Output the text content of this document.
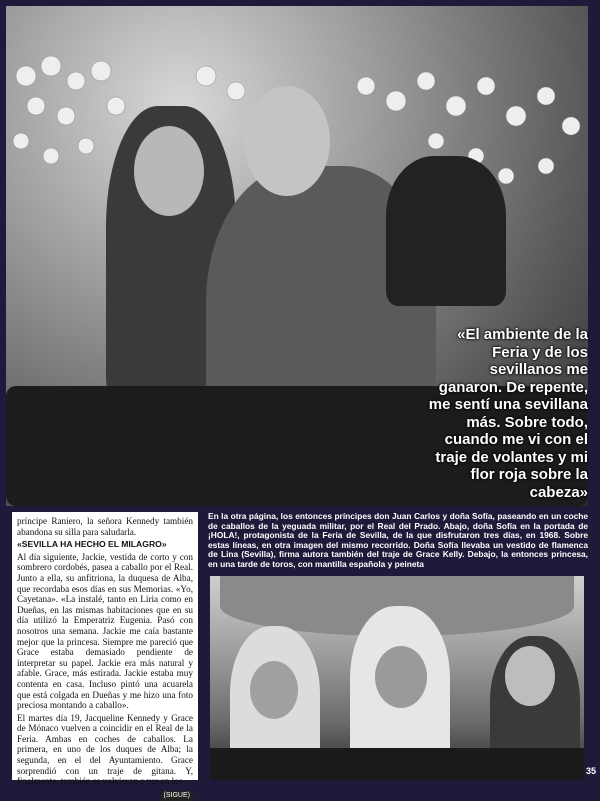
«El ambiente de la Feria y de los sevillanos me ganaron. De repente, me sentí una sevillana más. Sobre todo, cuando me vi con el traje de volantes y mi flor roja sobre la cabeza»

príncipe Raniero, la señora Kennedy también abandona su silla para saludarla.

«SEVILLA HA HECHO EL MILAGRO»

Al día siguiente, Jackie, vestida de corto y con sombrero cordobés, pasea a caballo por el Real. Junto a ella, su anfitriona, la duquesa de Alba, que recordaba esos días en sus Memorias. «Yo, Cayetana». «La instalé, tanto en Liria como en Dueñas, en las mismas habitaciones que en su día utilizó la Emperatriz Eugenia. Pasó con nosotros una semana. Jackie me caía bastante mejor que la princesa. Siempre me pareció que Grace estaba demasiado pendiente de interpretar su papel. Jackie era más natural y afable. Grace, más estirada. Jackie estaba muy contenta en casa. Incluso pintó una acuarela que está colgada en Dueñas y me hizo una foto preciosa montando a caballo».

El martes día 19, Jacqueline Kennedy y Grace de Mónaco vuelven a coincidir en el Real de la Feria. Ambas en coches de caballos. La primera, en uno de los duques de Alba; la segunda, en el del Ayuntamiento. Grace sorprendió con un traje de gitana. Y, finalmente, también se volvieron a ver en los

(SIGUE)
En la otra página, los entonces príncipes don Juan Carlos y doña Sofía, paseando en un coche de caballos de la yeguada militar, por el Real del Prado. Abajo, doña Sofía en la portada de ¡HOLA!, protagonista de la Feria de Sevilla, de la que disfrutaron tres días, en 1968. Sobre estas líneas, en otra imagen del mismo recorrido. Doña Sofía llevaba un vestido de flamenca de Lina (Sevilla), firma autora también del traje de Grace Kelly. Debajo, la entonces princesa, en una tarde de toros, con mantilla española y peineta
35
